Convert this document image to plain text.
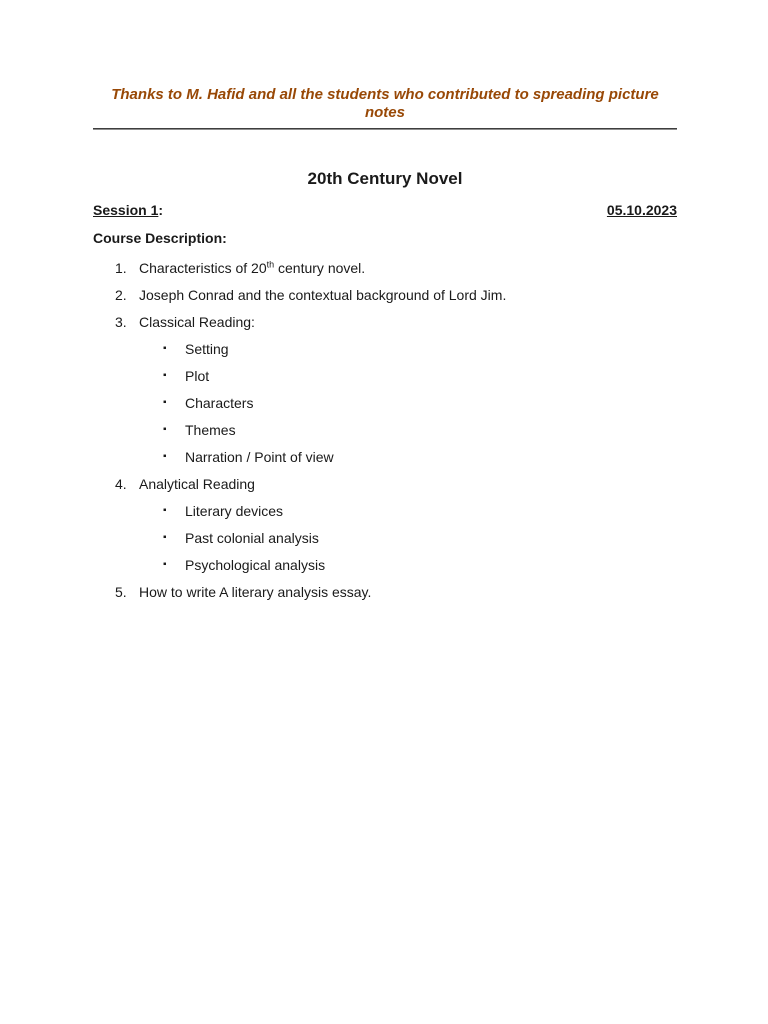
Thanks to M. Hafid and all the students who contributed to spreading picture notes
20th Century Novel
Session 1:	05.10.2023
Course Description:
1. Characteristics of 20th century novel.
2. Joseph Conrad and the contextual background of Lord Jim.
3. Classical Reading:
▪	Setting
▪	Plot
▪	Characters
▪	Themes
▪	Narration / Point of view
4. Analytical Reading
▪	Literary devices
▪	Past colonial analysis
▪	Psychological analysis
5. How to write A literary analysis essay.
